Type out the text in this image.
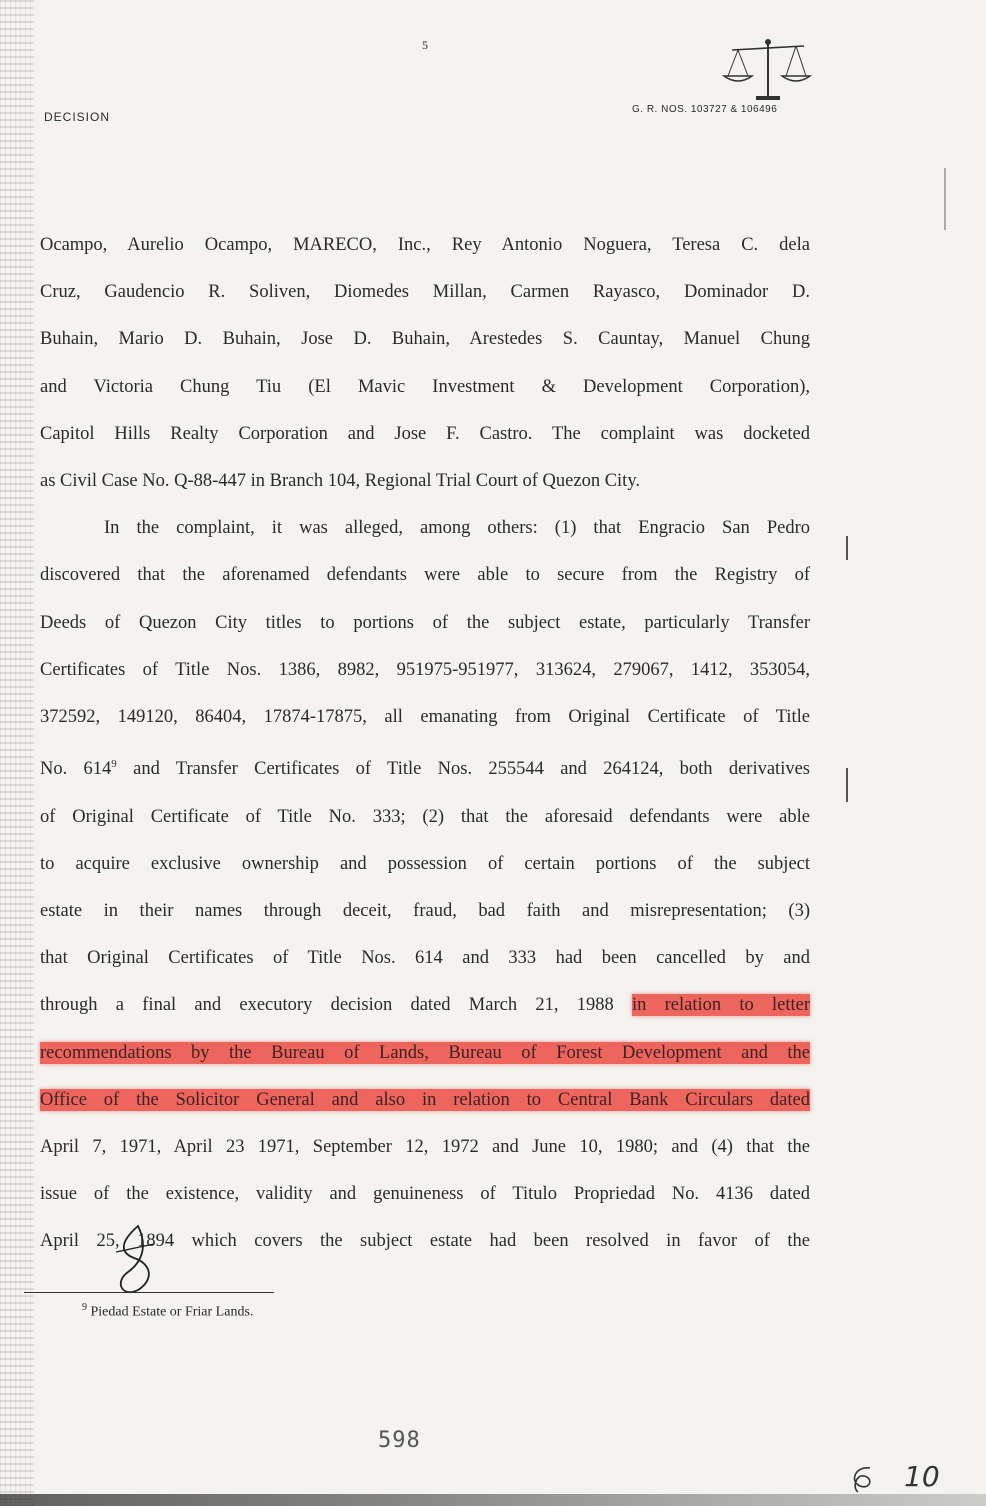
5
DECISION
G. R. NOS. 103727 & 106496
Ocampo, Aurelio Ocampo, MARECO, Inc., Rey Antonio Noguera, Teresa C. dela
Cruz, Gaudencio R. Soliven, Diomedes Millan, Carmen Rayasco, Dominador D.
Buhain, Mario D. Buhain, Jose D. Buhain, Arestedes S. Cauntay, Manuel Chung
and Victoria Chung Tiu (El Mavic Investment & Development Corporation),
Capitol Hills Realty Corporation and Jose F. Castro. The complaint was docketed
as Civil Case No. Q-88-447 in Branch 104, Regional Trial Court of Quezon City.
In the complaint, it was alleged, among others: (1) that Engracio San Pedro
discovered that the aforenamed defendants were able to secure from the Registry of
Deeds of Quezon City titles to portions of the subject estate, particularly Transfer
Certificates of Title Nos. 1386, 8982, 951975-951977, 313624, 279067, 1412, 353054,
372592, 149120, 86404, 17874-17875, all emanating from Original Certificate of Title
No. $614^9$ and Transfer Certificates of Title Nos. 255544 and 264124, both derivatives
of Original Certificate of Title No. 333; (2) that the aforesaid defendants were able
to acquire exclusive ownership and possession of certain portions of the subject
estate in their names through deceit, fraud, bad faith and misrepresentation; (3)
that Original Certificates of Title Nos. 614 and 333 had been cancelled by and
through a final and executory decision dated March 21, 1988 in relation to letter
recommendations by the Bureau of Lands, Bureau of Forest Development and the
Office of the Solicitor General and also in relation to Central Bank Circulars dated
April 7, 1971, April 23 1971, September 12, 1972 and June 10, 1980; and (4) that the
issue of the existence, validity and genuineness of Titulo Propriedad No. 4136 dated
April 25, 1894 which covers the subject estate had been resolved in favor of the
$^9$ Piedad Estate or Friar Lands.
598
10
